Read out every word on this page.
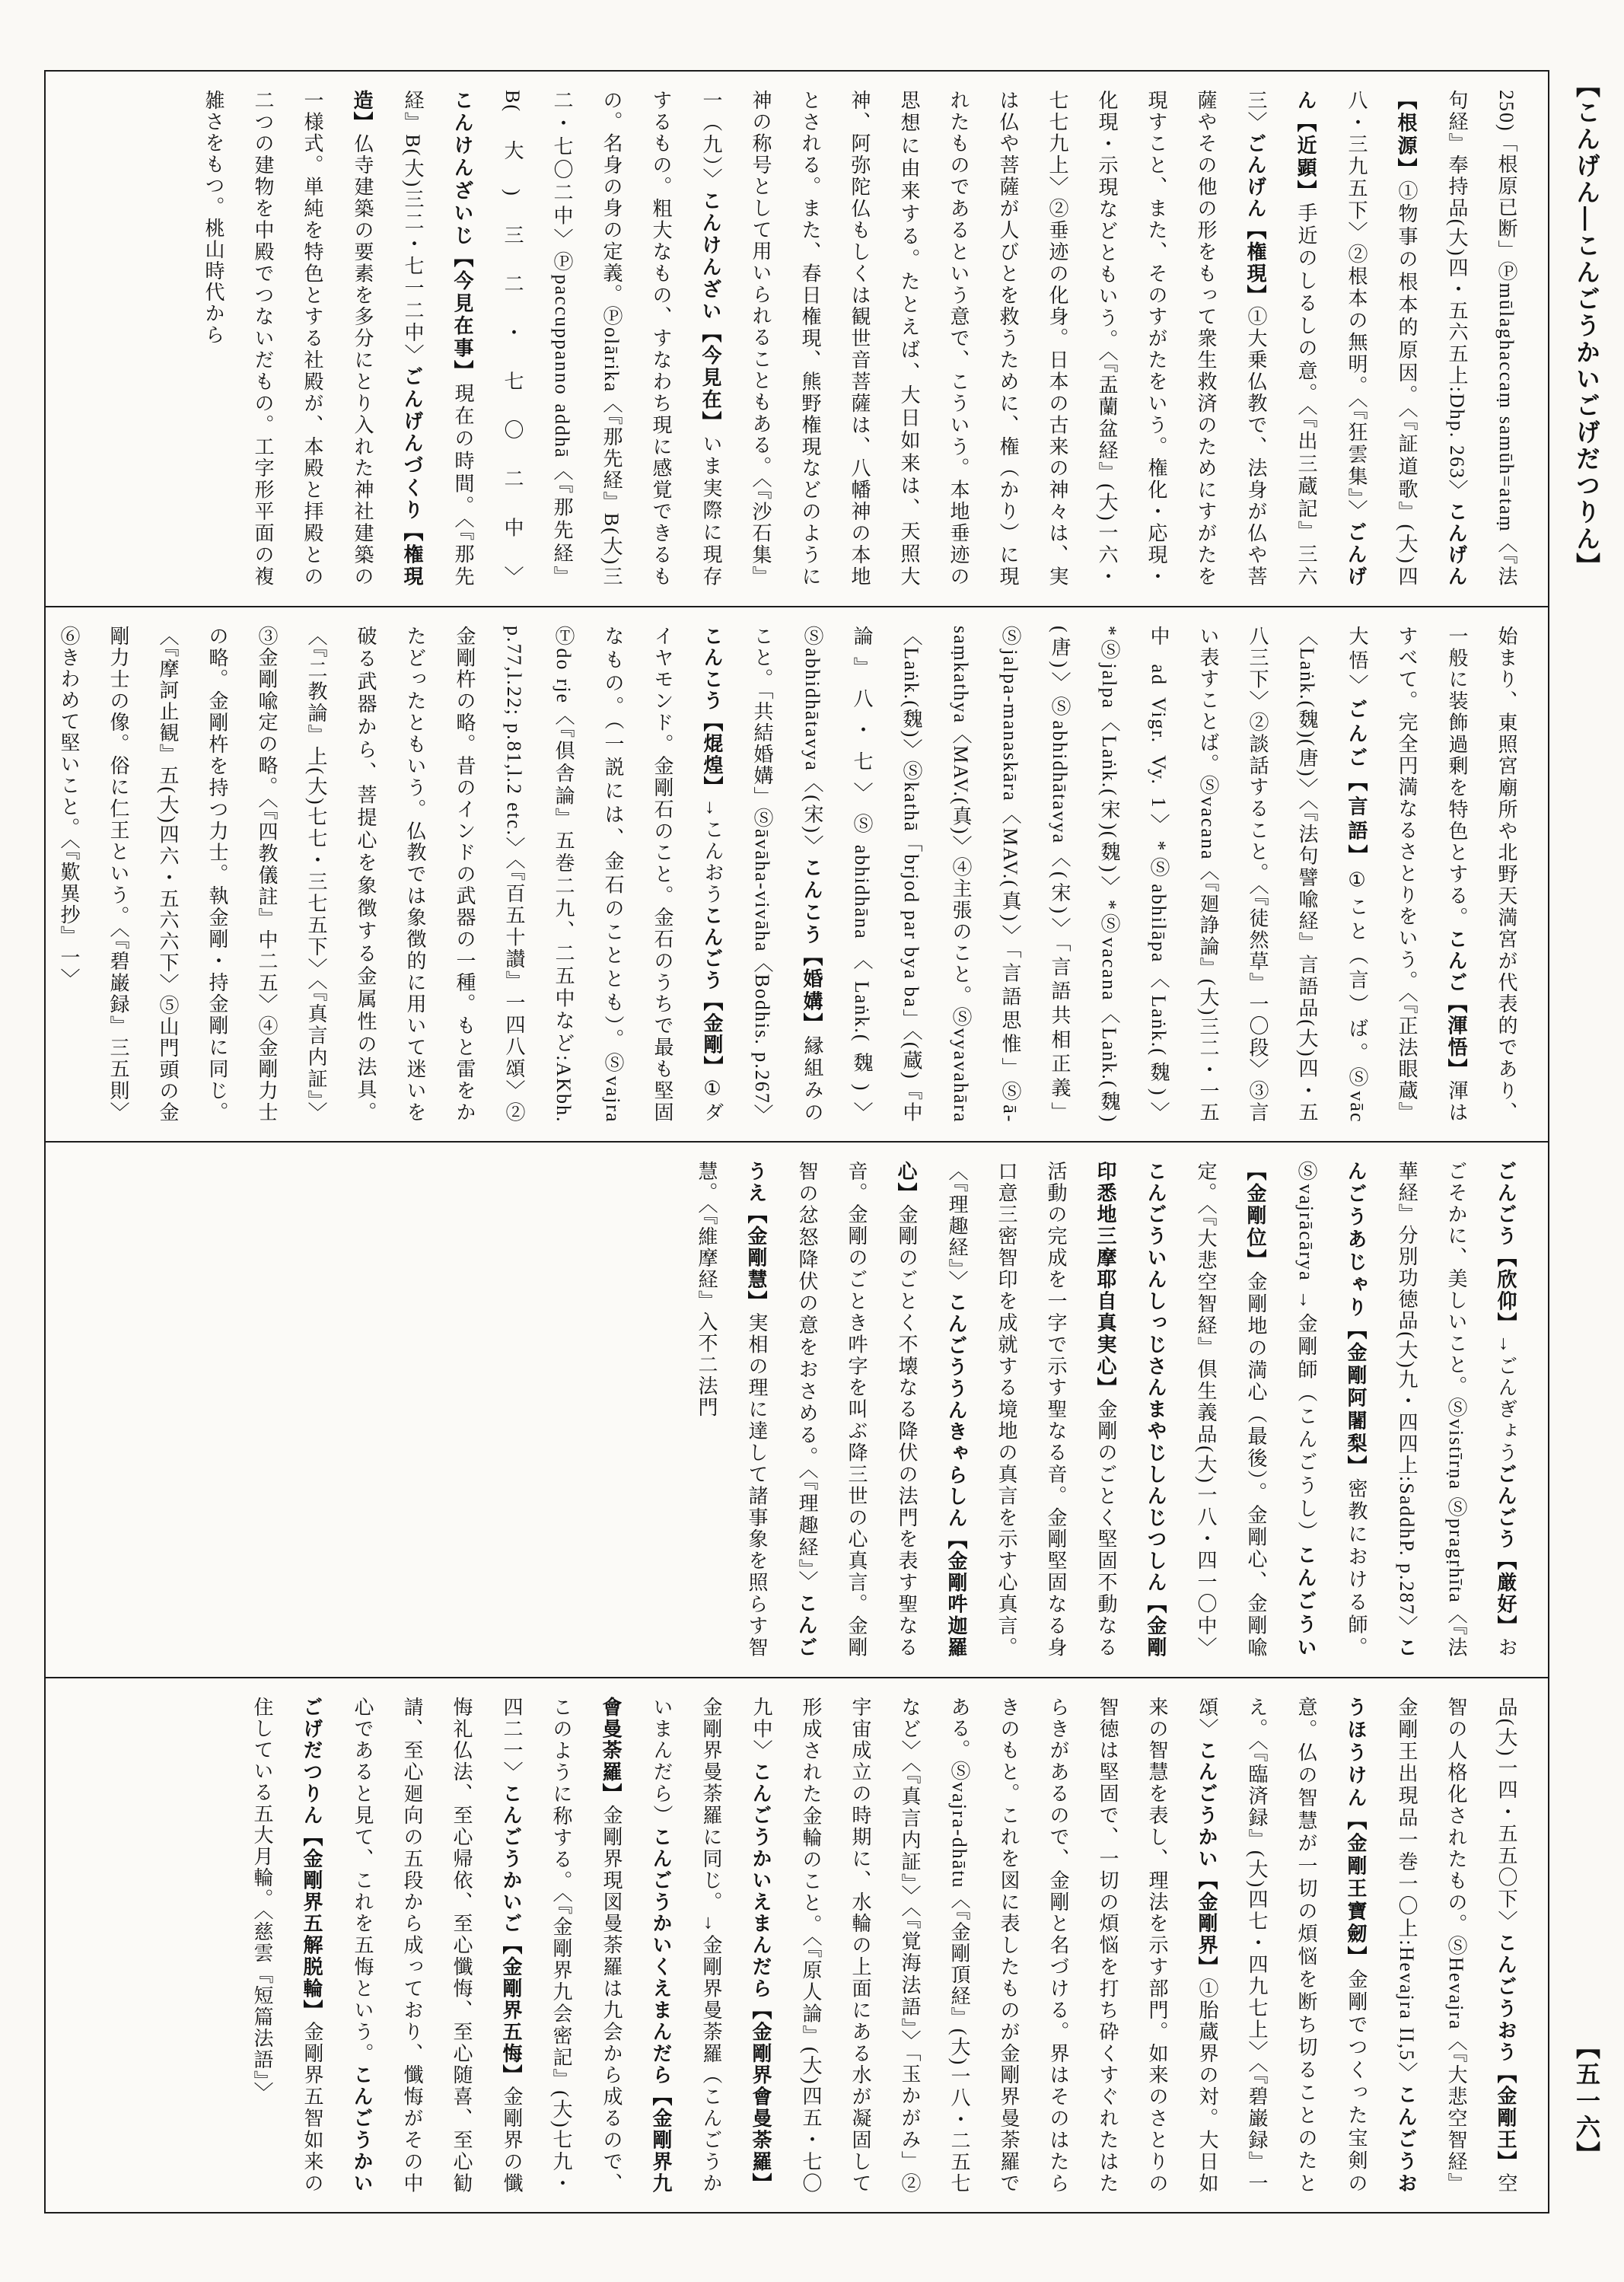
【こんげん―こんごうかいごげだつりん】
250)「根原已断」Ⓟmūlaghaccaṃ samūh=ataṃ〈『法句経』奉持品(大)四・五六五上:Dhp. 263〉こんげん【根源】①物事の根本的原因。〈『証道歌』(大)四八・三九五下〉②根本の無明。〈『狂雲集』〉ごんげん【近顕】手近のしるしの意。〈『出三蔵記』三六三〉ごんげん【権現】①大乗仏教で、法身が仏や菩薩やその他の形をもって衆生救済のためにすがたを現すこと、また、そのすがたをいう。権化・応現・化現・示現などともいう。〈『盂蘭盆経』(大)一六・七七九上〉②垂迹の化身。日本の古来の神々は、実は仏や菩薩が人びとを救うために、権（かり）に現れたものであるという意で、こういう。本地垂迹の思想に由来する。たとえば、大日如来は、天照大神、阿弥陀仏もしくは観世音菩薩は、八幡神の本地とされる。また、春日権現、熊野権現などのように神の称号として用いられることもある。〈『沙石集』一（九）〉こんけんざい【今見在】いま実際に現存するもの。粗大なもの、すなわち現に感覚できるもの。名身の身の定義。Ⓟolārika〈『那先経』B(大)三二・七〇二中〉Ⓟpaccuppanno addhā〈『那先経』B(大)三二・七〇二中〉こんけんざいじ【今見在事】現在の時間。〈『那先経』B(大)三二・七一二中〉ごんげんづくり【権現造】仏寺建築の要素を多分にとり入れた神社建築の一様式。単純を特色とする社殿が、本殿と拝殿との二つの建物を中殿でつないだもの。工字形平面の複雑さをもつ。桃山時代から
始まり、東照宮廟所や北野天満宮が代表的であり、一般に装飾過剰を特色とする。こんご【渾悟】渾はすべて。完全円満なるさとりをいう。〈『正法眼蔵』大悟〉ごんご【言語】①こと（言）ば。Ⓢvāc〈Laṅk.(魏)(唐)〉〈『法句譬喩経』言語品(大)四・五八三下〉②談話すること。〈『徒然草』一〇段〉③言い表すことば。Ⓢvacana〈『廻諍論』(大)三二・一五中 ad Vigr. Vy. 1〉*Ⓢabhilāpa〈Laṅk.(魏)〉*Ⓢjalpa〈Laṅk.(宋)(魏)〉*Ⓢvacana〈Laṅk.(魏)(唐)〉Ⓢabhidhātavya〈(宋)〉「言語共相正義」Ⓢjalpa-manaskāra〈MAV.(真)〉「言語思惟」Ⓢā-saṃkathya〈MAV.(真)〉④主張のこと。Ⓢvyavahāra〈Laṅk.(魏)〉Ⓢkathā「brjod par bya ba」〈(蔵)『中論』八・七〉Ⓢabhidhāna〈Laṅk.(魏)〉Ⓢabhidhātavya〈(宋)〉こんこう【婚媾】縁組みのこと。「共結婚媾」Ⓢāvāha-vivāha〈Bodhis. p.267〉こんこう【焜煌】→こんおうこんごう【金剛】①ダイヤモンド。金剛石のこと。金石のうちで最も堅固なもの。（一説には、金石のこととも）。Ⓢvajra Ⓣdo rje〈『倶舎論』五巻二九、二五中など:AKbh. p.77,l.22; p.81,l.2 etc.〉〈『百五十讃』一四八頌〉②金剛杵の略。昔のインドの武器の一種。もと雷をかたどったともいう。仏教では象徴的に用いて迷いを破る武器から、菩提心を象徴する金属性の法具。〈『二教論』上(大)七七・三七五下〉〈『真言内証』〉③金剛喩定の略。〈『四教儀註』中二五〉④金剛力士の略。金剛杵を持つ力士。執金剛・持金剛に同じ。〈『摩訶止観』五(大)四六・五六六下〉⑤山門頭の金剛力士の像。俗に仁王という。〈『碧巌録』三五則〉⑥きわめて堅いこと。〈『歎異抄』一〉
ごんごう【欣仰】→ごんぎょうごんごう【厳好】おごそかに、美しいこと。Ⓢvistīrṇa Ⓢpragṛhīta〈『法華経』分別功徳品(大)九・四四上:SaddhP. p.287〉こんごうあじゃり【金剛阿闍梨】密教における師。Ⓢvajrācārya →金剛師（こんごうし）こんごうい【金剛位】金剛地の満心（最後）。金剛心、金剛喩定。〈『大悲空智経』倶生義品(大)一八・四一〇中〉こんごういんしっじさんまやじしんじつしん【金剛印悉地三摩耶自真実心】金剛のごとく堅固不動なる活動の完成を一字で示す聖なる音。金剛堅固なる身口意三密智印を成就する境地の真言を示す心真言。〈『理趣経』〉こんごううんきゃらしん【金剛吽迦羅心】金剛のごとく不壊なる降伏の法門を表す聖なる音。金剛のごとき吽字を叫ぶ降三世の心真言。金剛智の忿怒降伏の意をおさめる。〈『理趣経』〉こんごうえ【金剛慧】実相の理に達して諸事象を照らす智慧。〈『維摩経』入不二法門
品(大)一四・五五〇下〉こんごうおう【金剛王】空智の人格化されたもの。ⓈHevajra〈『大悲空智経』金剛王出現品一巻一〇上:Hevajra II,5〉こんごうおうほうけん【金剛王寶劒】金剛でつくった宝剣の意。仏の智慧が一切の煩悩を断ち切ることのたとえ。〈『臨済録』(大)四七・四九七上〉〈『碧巌録』一頌〉こんごうかい【金剛界】①胎蔵界の対。大日如来の智慧を表し、理法を示す部門。如来のさとりの智徳は堅固で、一切の煩悩を打ち砕くすぐれたはたらきがあるので、金剛と名づける。界はそのはたらきのもと。これを図に表したものが金剛界曼荼羅である。Ⓢvajra-dhātu〈『金剛頂経』(大)一八・二五七など〉〈『真言内証』〉〈『覚海法語』〉「玉かがみ」②宇宙成立の時期に、水輪の上面にある水が凝固して形成された金輪のこと。〈『原人論』(大)四五・七〇九中〉こんごうかいえまんだら【金剛界會曼荼羅】金剛界曼荼羅に同じ。→金剛界曼荼羅（こんごうかいまんだら）こんごうかいくえまんだら【金剛界九會曼荼羅】金剛界現図曼荼羅は九会から成るので、このように称する。〈『金剛界九会密記』(大)七九・四二一〉こんごうかいご【金剛界五悔】金剛界の懺悔礼仏法、至心帰依、至心懺悔、至心随喜、至心勧請、至心廻向の五段から成っており、懺悔がその中心であると見て、これを五悔という。こんごうかいごげだつりん【金剛界五解脱輪】金剛界五智如来の住している五大月輪。〈慈雲『短篇法語』〉	【五一六】
